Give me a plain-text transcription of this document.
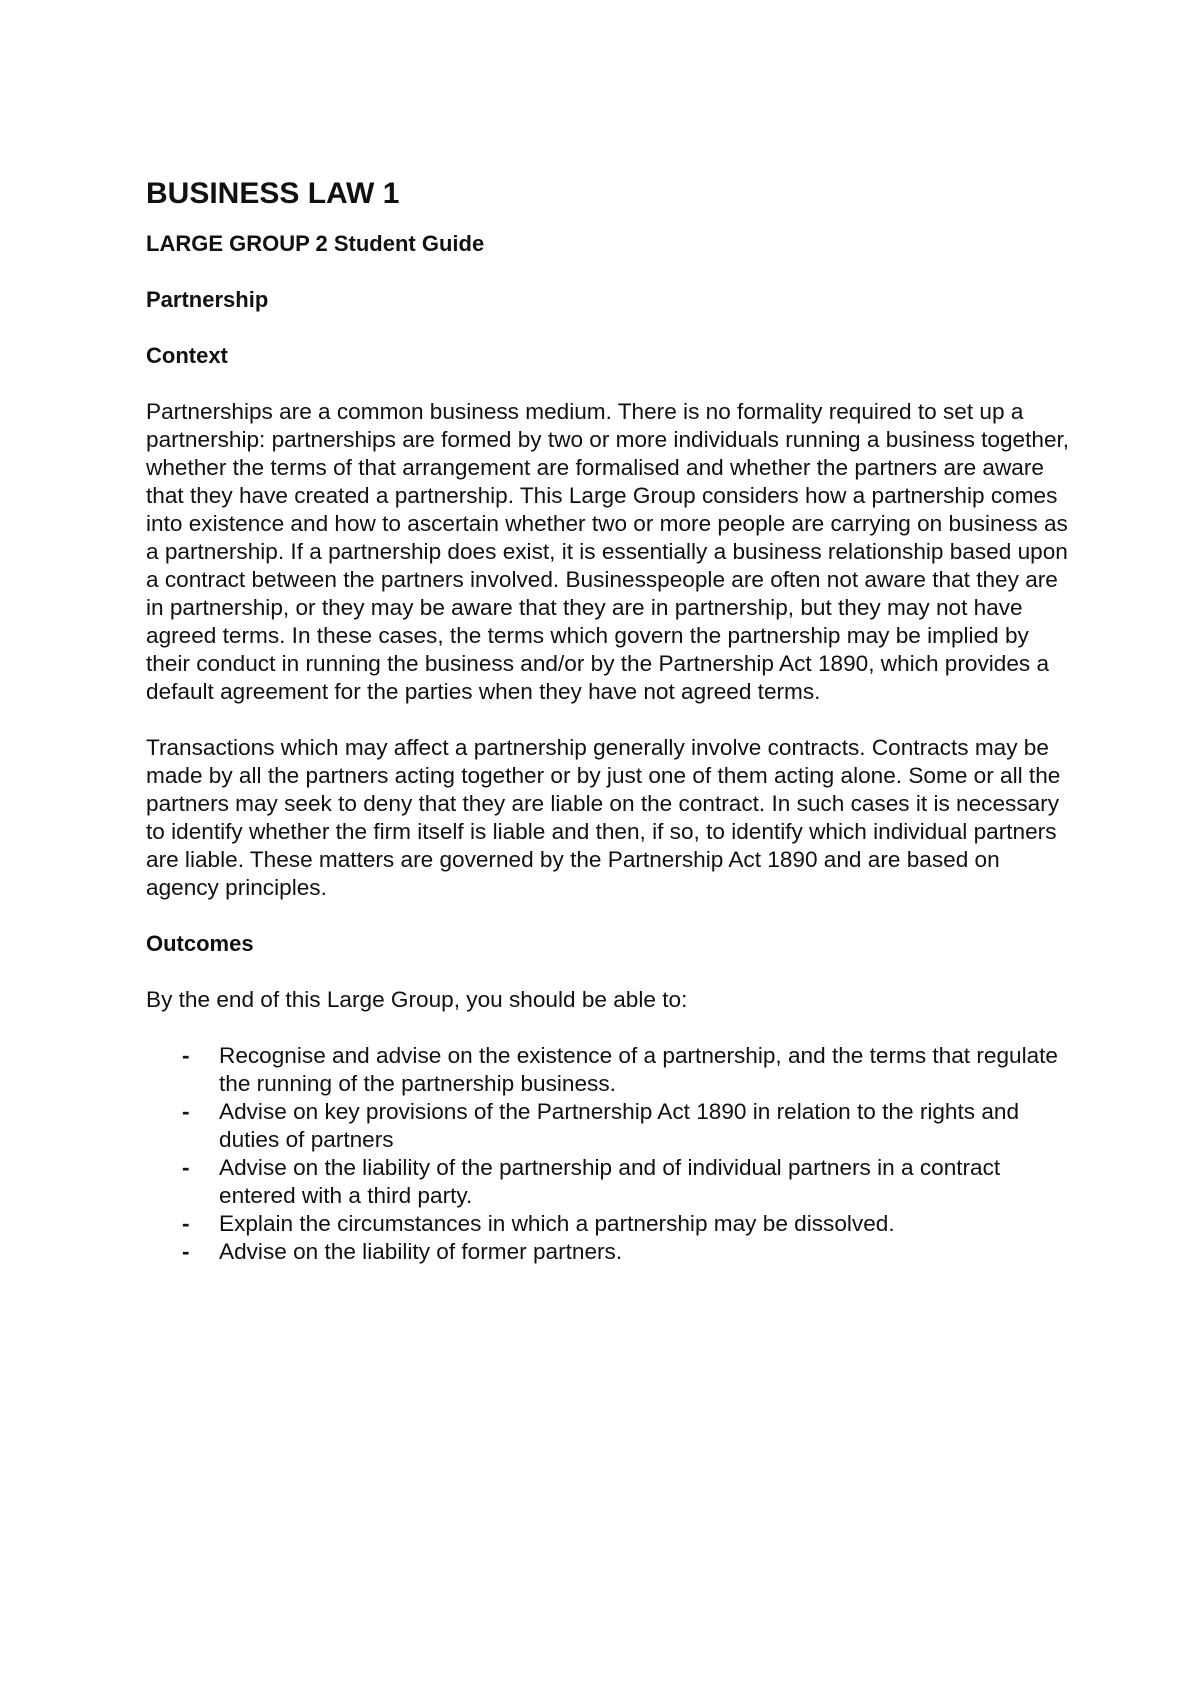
BUSINESS LAW 1
LARGE GROUP 2 Student Guide
Partnership
Context

Partnerships are a common business medium. There is no formality required to set up a partnership: partnerships are formed by two or more individuals running a business together, whether the terms of that arrangement are formalised and whether the partners are aware that they have created a partnership. This Large Group considers how a partnership comes into existence and how to ascertain whether two or more people are carrying on business as a partnership. If a partnership does exist, it is essentially a business relationship based upon a contract between the partners involved. Businesspeople are often not aware that they are in partnership, or they may be aware that they are in partnership, but they may not have agreed terms. In these cases, the terms which govern the partnership may be implied by their conduct in running the business and/or by the Partnership Act 1890, which provides a default agreement for the parties when they have not agreed terms.

Transactions which may affect a partnership generally involve contracts. Contracts may be made by all the partners acting together or by just one of them acting alone. Some or all the partners may seek to deny that they are liable on the contract. In such cases it is necessary to identify whether the firm itself is liable and then, if so, to identify which individual partners are liable. These matters are governed by the Partnership Act 1890 and are based on agency principles.

Outcomes

By the end of this Large Group, you should be able to:

- Recognise and advise on the existence of a partnership, and the terms that regulate the running of the partnership business.
- Advise on key provisions of the Partnership Act 1890 in relation to the rights and duties of partners
- Advise on the liability of the partnership and of individual partners in a contract entered with a third party.
- Explain the circumstances in which a partnership may be dissolved.
- Advise on the liability of former partners.
